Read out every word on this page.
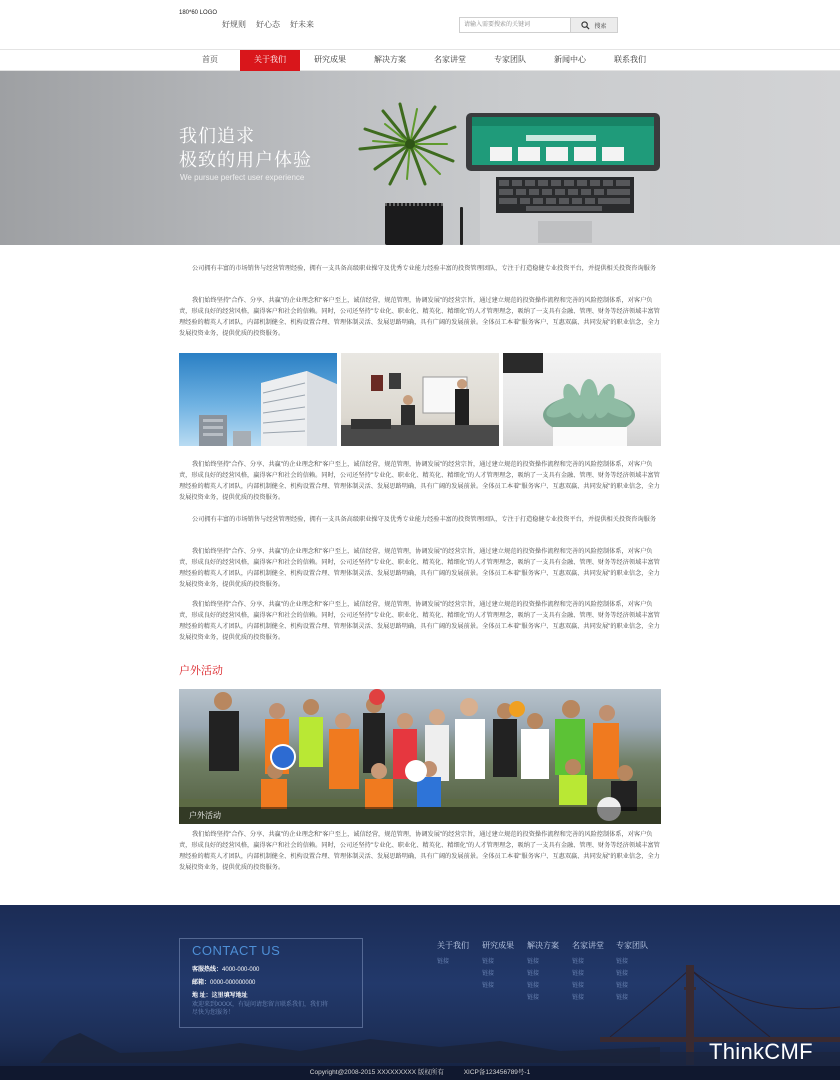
180*60 LOGO
好规则 好心态 好未来
请输入需要搜索的关键词	搜索
首页	关于我们	研究成果	解决方案	名家讲堂	专家团队	新闻中心	联系我们
我们追求
极致的用户体验
We pursue perfect user experience

公司拥有丰富的市场销售与经营管理经验，拥有一支具备高级职业操守及优秀专业能力经验丰富的投资管理团队，专注于打造稳健专业投资平台，并提供相关投资咨询服务

我们始终坚持"合作、分享、共赢"的企业理念和"客户至上，诚信经营，规范管理，协调发展"的经营宗旨，通过建立规范的投资操作流程和完善的风险控制体系，对客户负责，形成良好的经营风格，赢得客户和社会的信赖。同时，公司还坚持"专业化、职业化、精英化、精细化"的人才管理理念，吸纳了一支具有金融、管理、财务等经济领域丰富管理经验的精英人才团队，内部机制健全、机构设置合理、管理体制灵活、发展思路明确，具有广阔的发展前景。全体员工本着"服务客户、互惠双赢、共同发展"的职业信念，全力发展投资业务，提供优质的投资服务。

我们始终坚持"合作、分享、共赢"的企业理念和"客户至上，诚信经营，规范管理，协调发展"的经营宗旨，通过建立规范的投资操作流程和完善的风险控制体系，对客户负责，形成良好的经营风格，赢得客户和社会的信赖。同时，公司还坚持"专业化、职业化、精英化、精细化"的人才管理理念，吸纳了一支具有金融、管理、财务等经济领域丰富管理经验的精英人才团队，内部机制健全、机构设置合理、管理体制灵活、发展思路明确，具有广阔的发展前景。全体员工本着"服务客户、互惠双赢、共同发展"的职业信念，全力发展投资业务，提供优质的投资服务。

公司拥有丰富的市场销售与经营管理经验，拥有一支具备高级职业操守及优秀专业能力经验丰富的投资管理团队，专注于打造稳健专业投资平台，并提供相关投资咨询服务

我们始终坚持"合作、分享、共赢"的企业理念和"客户至上，诚信经营，规范管理，协调发展"的经营宗旨，通过建立规范的投资操作流程和完善的风险控制体系，对客户负责，形成良好的经营风格，赢得客户和社会的信赖。同时，公司还坚持"专业化、职业化、精英化、精细化"的人才管理理念，吸纳了一支具有金融、管理、财务等经济领域丰富管理经验的精英人才团队，内部机制健全、机构设置合理、管理体制灵活、发展思路明确，具有广阔的发展前景。全体员工本着"服务客户、互惠双赢、共同发展"的职业信念，全力发展投资业务，提供优质的投资服务。

我们始终坚持"合作、分享、共赢"的企业理念和"客户至上，诚信经营，规范管理，协调发展"的经营宗旨，通过建立规范的投资操作流程和完善的风险控制体系，对客户负责，形成良好的经营风格，赢得客户和社会的信赖。同时，公司还坚持"专业化、职业化、精英化、精细化"的人才管理理念，吸纳了一支具有金融、管理、财务等经济领域丰富管理经验的精英人才团队，内部机制健全、机构设置合理、管理体制灵活、发展思路明确，具有广阔的发展前景。全体员工本着"服务客户、互惠双赢、共同发展"的职业信念，全力发展投资业务，提供优质的投资服务。

户外活动
户外活动

我们始终坚持"合作、分享、共赢"的企业理念和"客户至上，诚信经营，规范管理，协调发展"的经营宗旨，通过建立规范的投资操作流程和完善的风险控制体系，对客户负责，形成良好的经营风格，赢得客户和社会的信赖。同时，公司还坚持"专业化、职业化、精英化、精细化"的人才管理理念，吸纳了一支具有金融、管理、财务等经济领域丰富管理经验的精英人才团队，内部机制健全、机构设置合理、管理体制灵活、发展思路明确，具有广阔的发展前景。全体员工本着"服务客户、互惠双赢、共同发展"的职业信念，全力发展投资业务，提供优质的投资服务。

CONTACT US
客服热线：4000-000-000
邮箱：0000-000000000
地 址：这里填写地址
欢迎来到XXXX，有疑问请您留言联系我们，我们将尽快为您服务！
关于我们
链接
研究成果
链接
链接
链接
解决方案
链接
链接
链接
链接
名家讲堂
链接
链接
链接
链接
专家团队
链接
链接
链接
链接
Copyright@2008-2015 XXXXXXXXX 版权所有	XICP备123456789号-1
ThinkCMF
